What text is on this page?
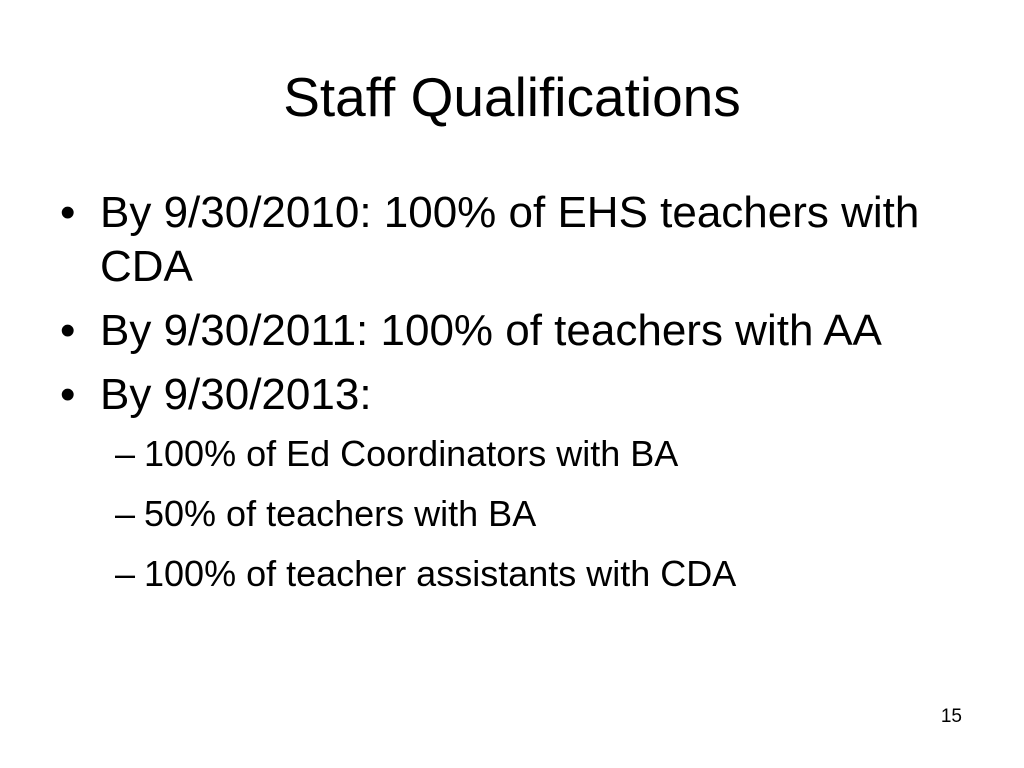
Staff Qualifications
• By 9/30/2010: 100% of EHS teachers with CDA
• By 9/30/2011: 100% of teachers with AA
• By 9/30/2013:
– 100% of Ed Coordinators with BA
– 50% of teachers with BA
– 100% of teacher assistants with CDA
15
